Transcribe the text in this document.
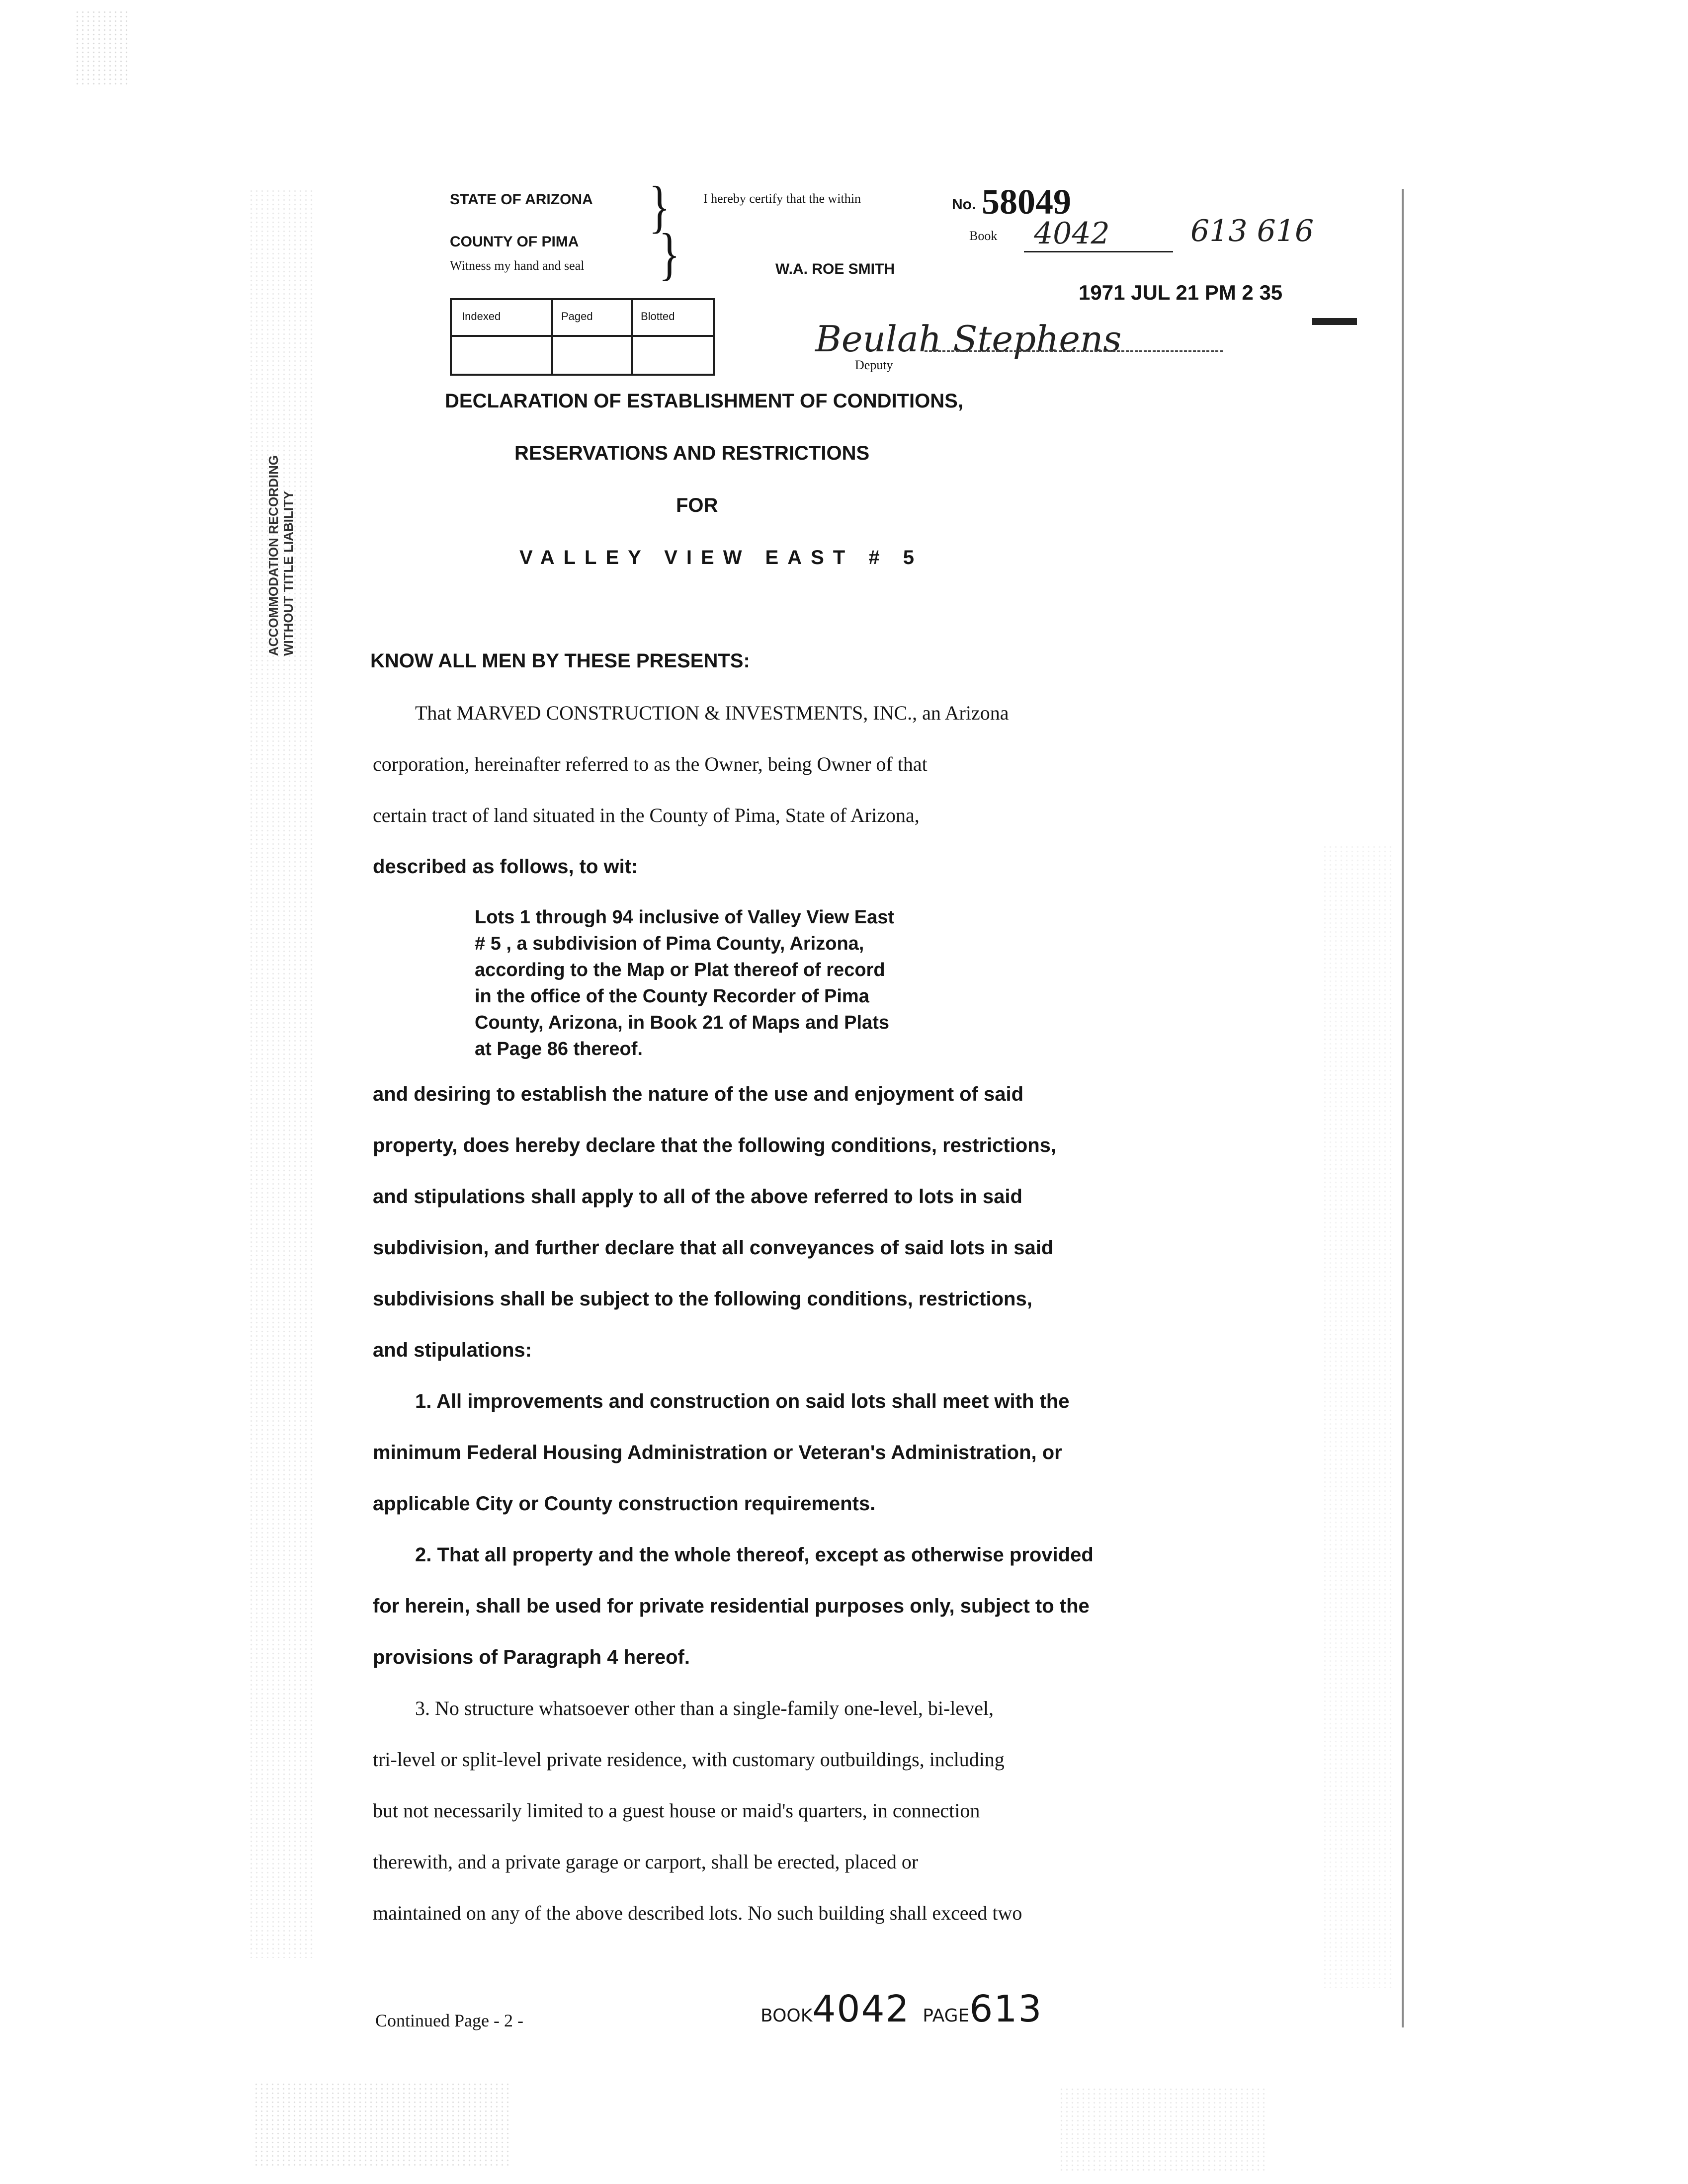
ACCOMMODATION RECORDING WITHOUT TITLE LIABILITY
STATE OF ARIZONA
COUNTY OF PIMA
Witness my hand and seal
}
}
I hereby certify that the within	No. 58049
Book 4042	613 616
W.A. ROE SMITH
1971 JUL 21 PM 2 35
Deputy
Beulah Stephens
Indexed	Paged	Blotted
DECLARATION OF ESTABLISHMENT OF CONDITIONS,
RESERVATIONS AND RESTRICTIONS
FOR
VALLEY VIEW EAST # 5
KNOW ALL MEN BY THESE PRESENTS:
That MARVED CONSTRUCTION & INVESTMENTS, INC., an Arizona
corporation, hereinafter referred to as the Owner, being Owner of that
certain tract of land situated in the County of Pima, State of Arizona,
described as follows, to wit:
Lots 1 through 94 inclusive of Valley View East
# 5 , a subdivision of Pima County, Arizona,
according to the Map or Plat thereof of record
in the office of the County Recorder of Pima
County, Arizona, in Book 21 of Maps and Plats
at Page 86 thereof.
and desiring to establish the nature of the use and enjoyment of said
property, does hereby declare that the following conditions, restrictions,
and stipulations shall apply to all of the above referred to lots in said
subdivision, and further declare that all conveyances of said lots in said
subdivisions shall be subject to the following conditions, restrictions,
and stipulations:
1. All improvements and construction on said lots shall meet with the
minimum Federal Housing Administration or Veteran's Administration, or
applicable City or County construction requirements.
2. That all property and the whole thereof, except as otherwise provided
for herein, shall be used for private residential purposes only, subject to the
provisions of Paragraph 4 hereof.
3. No structure whatsoever other than a single-family one-level, bi-level,
tri-level or split-level private residence, with customary outbuildings, including
but not necessarily limited to a guest house or maid's quarters, in connection
therewith, and a private garage or carport, shall be erected, placed or
maintained on any of the above described lots. No such building shall exceed two
Continued Page - 2 -	BOOK4042 PAGE613
